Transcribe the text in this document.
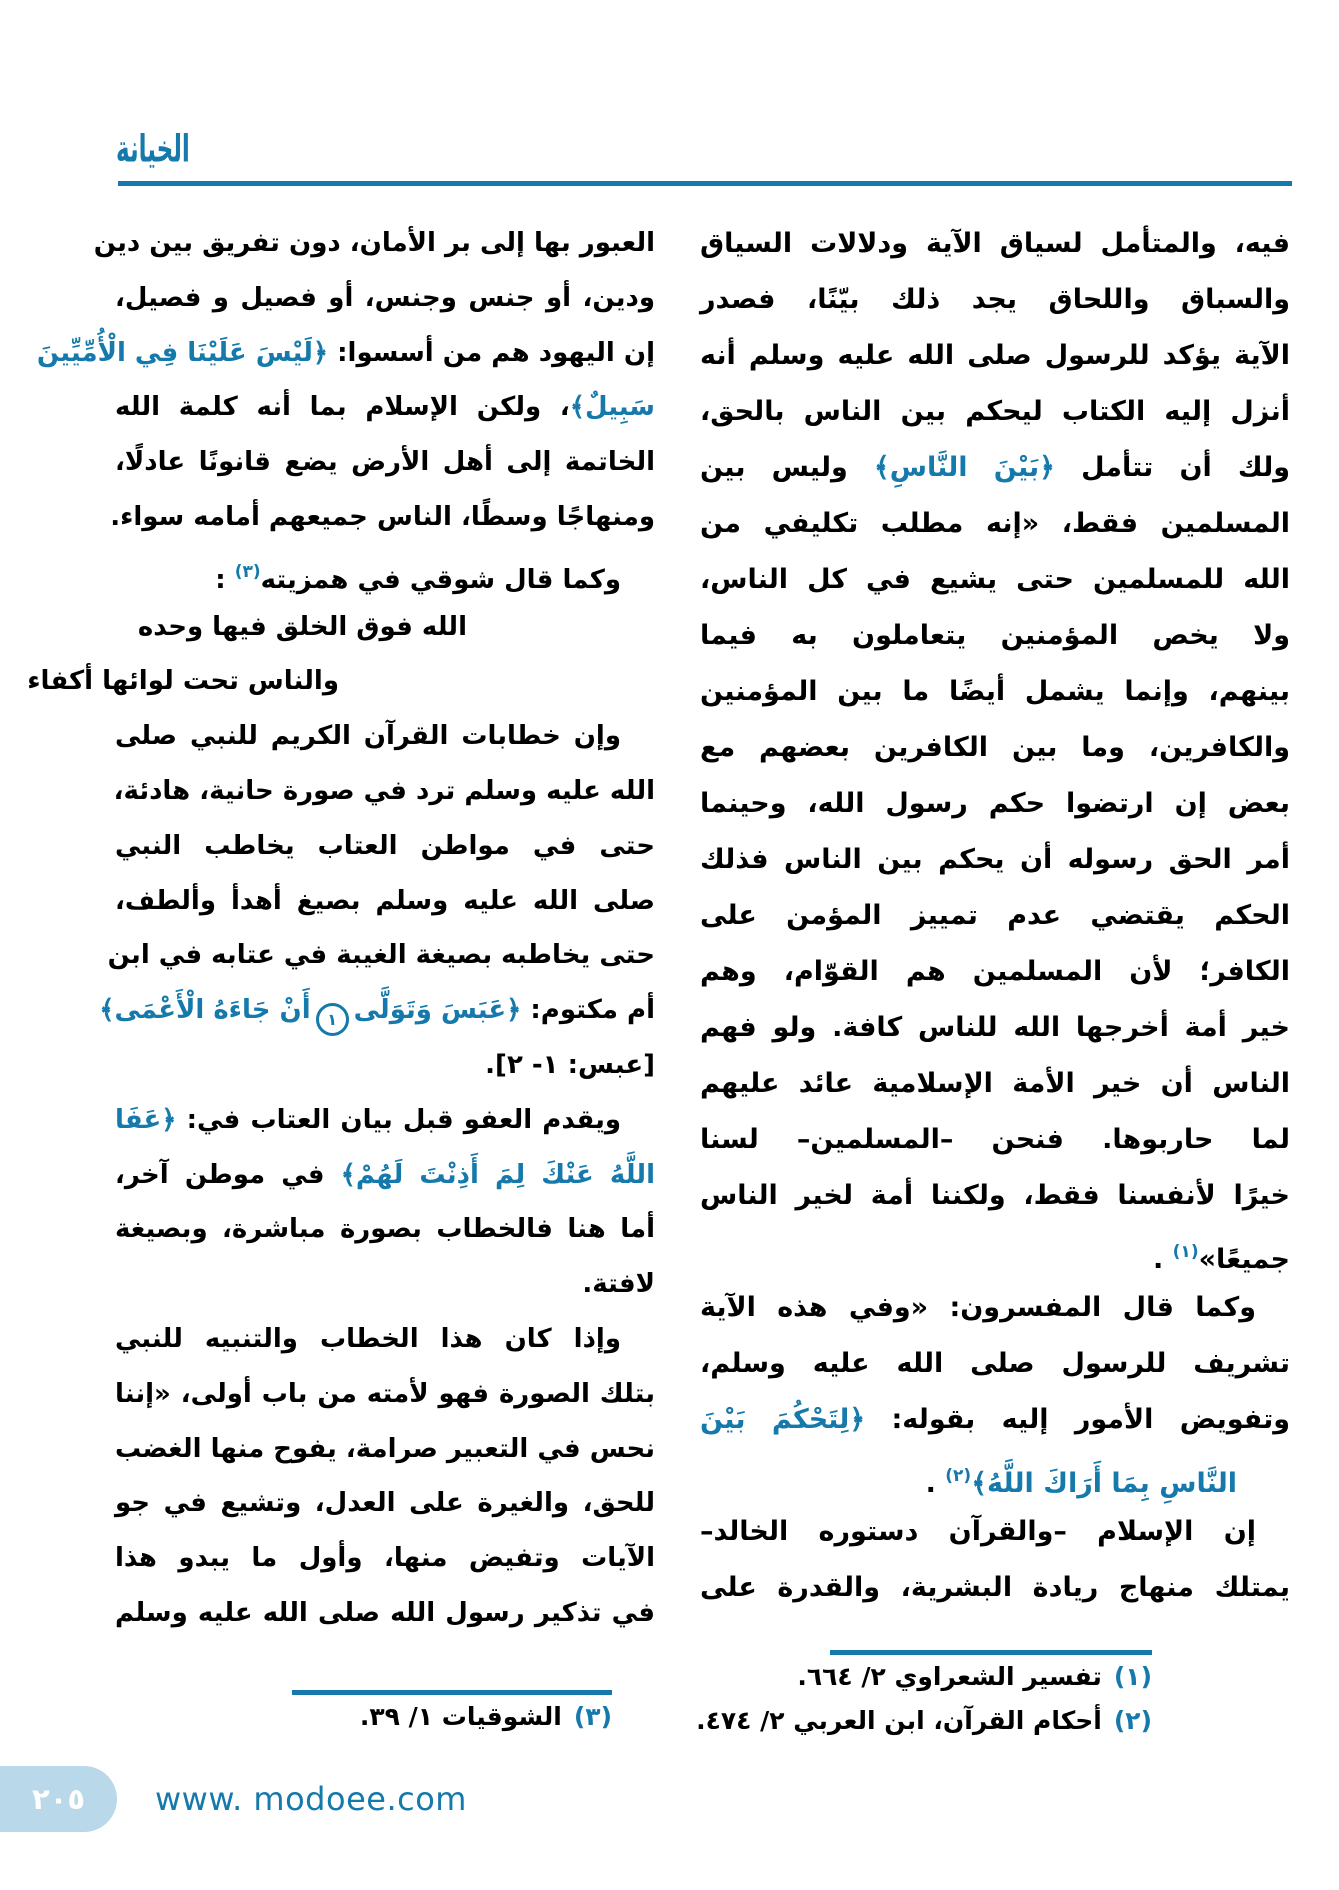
الخيانة
فيه، والمتأمل لسياق الآية ودلالات السياق
والسباق واللحاق يجد ذلك بيّنًا، فصدر
الآية يؤكد للرسول صلى الله عليه وسلم أنه
أنزل إليه الكتاب ليحكم بين الناس بالحق،
ولك أن تتأمل ﴿بَيْنَ النَّاسِ﴾ وليس بين
المسلمين فقط، «إنه مطلب تكليفي من
الله للمسلمين حتى يشيع في كل الناس،
ولا يخص المؤمنين يتعاملون به فيما
بينهم، وإنما يشمل أيضًا ما بين المؤمنين
والكافرين، وما بين الكافرين بعضهم مع
بعض إن ارتضوا حكم رسول الله، وحينما
أمر الحق رسوله أن يحكم بين الناس فذلك
الحكم يقتضي عدم تمييز المؤمن على
الكافر؛ لأن المسلمين هم القوّام، وهم
خير أمة أخرجها الله للناس كافة. ولو فهم
الناس أن خير الأمة الإسلامية عائد عليهم
لما حاربوها. فنحن –المسلمين– لسنا
خيرًا لأنفسنا فقط، ولكننا أمة لخير الناس
جميعًا»$^{(١)}$ .
وكما قال المفسرون: «وفي هذه الآية
تشريف للرسول صلى الله عليه وسلم،
وتفويض الأمور إليه بقوله: ﴿لِتَحْكُمَ بَيْنَ
النَّاسِ بِمَا أَرَاكَ اللَّهُ﴾$^{(٢)}$ .
إن الإسلام –والقرآن دستوره الخالد–
يمتلك منهاج ريادة البشرية، والقدرة على
العبور بها إلى بر الأمان، دون تفريق بين دين
ودين، أو جنس وجنس، أو فصيل و فصيل،
إن اليهود هم من أسسوا: ﴿لَيْسَ عَلَيْنَا فِي الْأُمِّيِّينَ
سَبِيلٌ﴾، ولكن الإسلام بما أنه كلمة الله
الخاتمة إلى أهل الأرض يضع قانونًا عادلًا،
ومنهاجًا وسطًا، الناس جميعهم أمامه سواء.
وكما قال شوقي في همزيته$^{(٣)}$ :
الله فوق الخلق فيها وحده
والناس تحت لوائها أكفاء
وإن خطابات القرآن الكريم للنبي صلى
الله عليه وسلم ترد في صورة حانية، هادئة،
حتى في مواطن العتاب يخاطب النبي
صلى الله عليه وسلم بصيغ أهدأ وألطف،
حتى يخاطبه بصيغة الغيبة في عتابه في ابن
أم مكتوم: ﴿عَبَسَ وَتَوَلَّى١أَنْ جَاءَهُ الْأَعْمَى﴾
[عبس: ١- ٢].
ويقدم العفو قبل بيان العتاب في: ﴿عَفَا
اللَّهُ عَنْكَ لِمَ أَذِنْتَ لَهُمْ﴾ في موطن آخر،
أما هنا فالخطاب بصورة مباشرة، وبصيغة
لافتة.
وإذا كان هذا الخطاب والتنبيه للنبي
بتلك الصورة فهو لأمته من باب أولى، «إننا
نحس في التعبير صرامة، يفوح منها الغضب
للحق، والغيرة على العدل، وتشيع في جو
الآيات وتفيض منها، وأول ما يبدو هذا
في تذكير رسول الله صلى الله عليه وسلم
(١)تفسير الشعراوي ٢/ ٦٦٤.
(٢)أحكام القرآن، ابن العربي ٢/ ٤٧٤.
(٣)الشوقيات ١/ ٣٩.
٢٠٥ www. modoee.com
